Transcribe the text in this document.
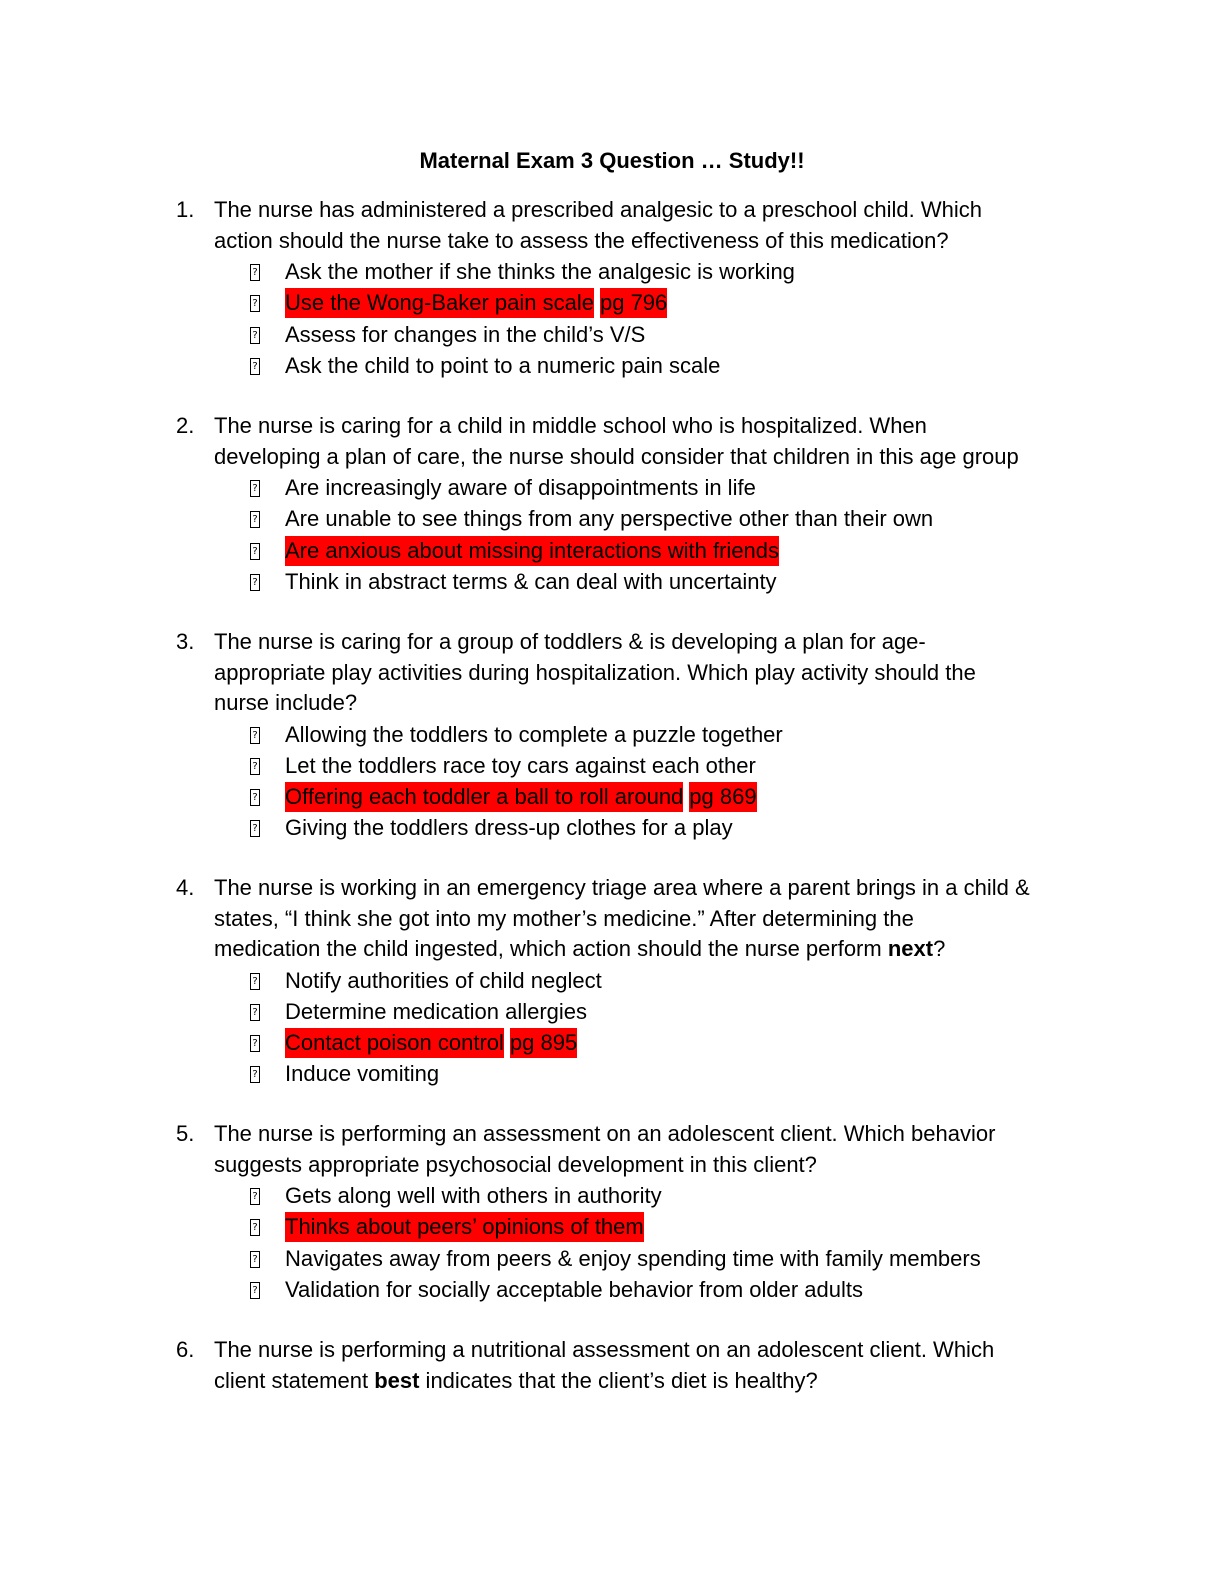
Maternal Exam 3 Question … Study!!
1. The nurse has administered a prescribed analgesic to a preschool child. Which
action should the nurse take to assess the effectiveness of this medication?
? Ask the mother if she thinks the analgesic is working
? Use the Wong-Baker pain scale pg 796
? Assess for changes in the child’s V/S
? Ask the child to point to a numeric pain scale
2. The nurse is caring for a child in middle school who is hospitalized. When
developing a plan of care, the nurse should consider that children in this age group
? Are increasingly aware of disappointments in life
? Are unable to see things from any perspective other than their own
? Are anxious about missing interactions with friends
? Think in abstract terms & can deal with uncertainty
3. The nurse is caring for a group of toddlers & is developing a plan for age-
appropriate play activities during hospitalization. Which play activity should the
nurse include?
? Allowing the toddlers to complete a puzzle together
? Let the toddlers race toy cars against each other
? Offering each toddler a ball to roll around pg 869
? Giving the toddlers dress-up clothes for a play
4. The nurse is working in an emergency triage area where a parent brings in a child &
states, “I think she got into my mother’s medicine.” After determining the
medication the child ingested, which action should the nurse perform next?
? Notify authorities of child neglect
? Determine medication allergies
? Contact poison control pg 895
? Induce vomiting
5. The nurse is performing an assessment on an adolescent client. Which behavior
suggests appropriate psychosocial development in this client?
? Gets along well with others in authority
? Thinks about peers’ opinions of them
? Navigates away from peers & enjoy spending time with family members
? Validation for socially acceptable behavior from older adults
6. The nurse is performing a nutritional assessment on an adolescent client. Which
client statement best indicates that the client’s diet is healthy?
